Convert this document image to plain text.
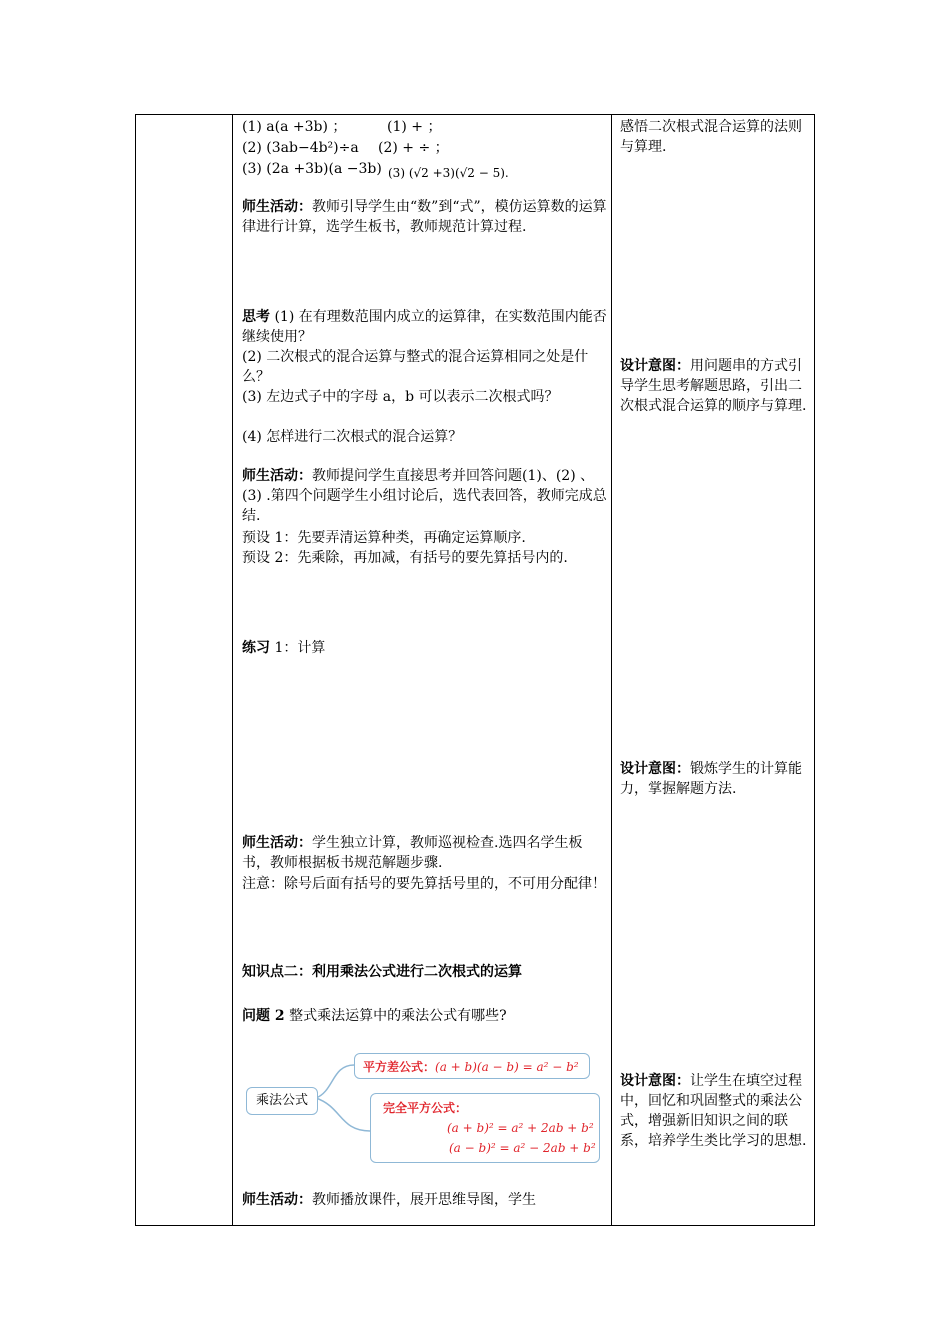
(1) a(a +3b) ；	(1) + ；
(2) (3ab−4b²)÷a (2) + ÷ ；
(3) (2a +3b)(a −3b) (3) (√2 +3)(√2 − 5).
师生活动：教师引导学生由“数”到“式”，模仿运算数的运算律进行计算，选学生板书，教师规范计算过程.
思考 (1) 在有理数范围内成立的运算律，在实数范围内能否继续使用？
(2) 二次根式的混合运算与整式的混合运算相同之处是什么？
(3) 左边式子中的字母 a，b 可以表示二次根式吗？
(4) 怎样进行二次根式的混合运算？
师生活动：教师提问学生直接思考并回答问题(1)、(2) 、(3) .第四个问题学生小组讨论后，选代表回答，教师完成总结.
预设 1：先要弄清运算种类，再确定运算顺序.
预设 2：先乘除，再加减，有括号的要先算括号内的.
练习 1：计算
师生活动：学生独立计算，教师巡视检查.选四名学生板书，教师根据板书规范解题步骤.
注意：除号后面有括号的要先算括号里的，不可用分配律！
知识点二：利用乘法公式进行二次根式的运算
问题 2 整式乘法运算中的乘法公式有哪些?
乘法公式
平方差公式：(a + b)(a − b) = a² − b²
完全平方公式：
(a + b)² = a² + 2ab + b²
(a − b)² = a² − 2ab + b²
师生活动：教师播放课件，展开思维导图，学生
感悟二次根式混合运算的法则与算理.
设计意图：用问题串的方式引导学生思考解题思路，引出二次根式混合运算的顺序与算理.
设计意图：锻炼学生的计算能力，掌握解题方法.
设计意图：让学生在填空过程中，回忆和巩固整式的乘法公式，增强新旧知识之间的联系，培养学生类比学习的思想.
